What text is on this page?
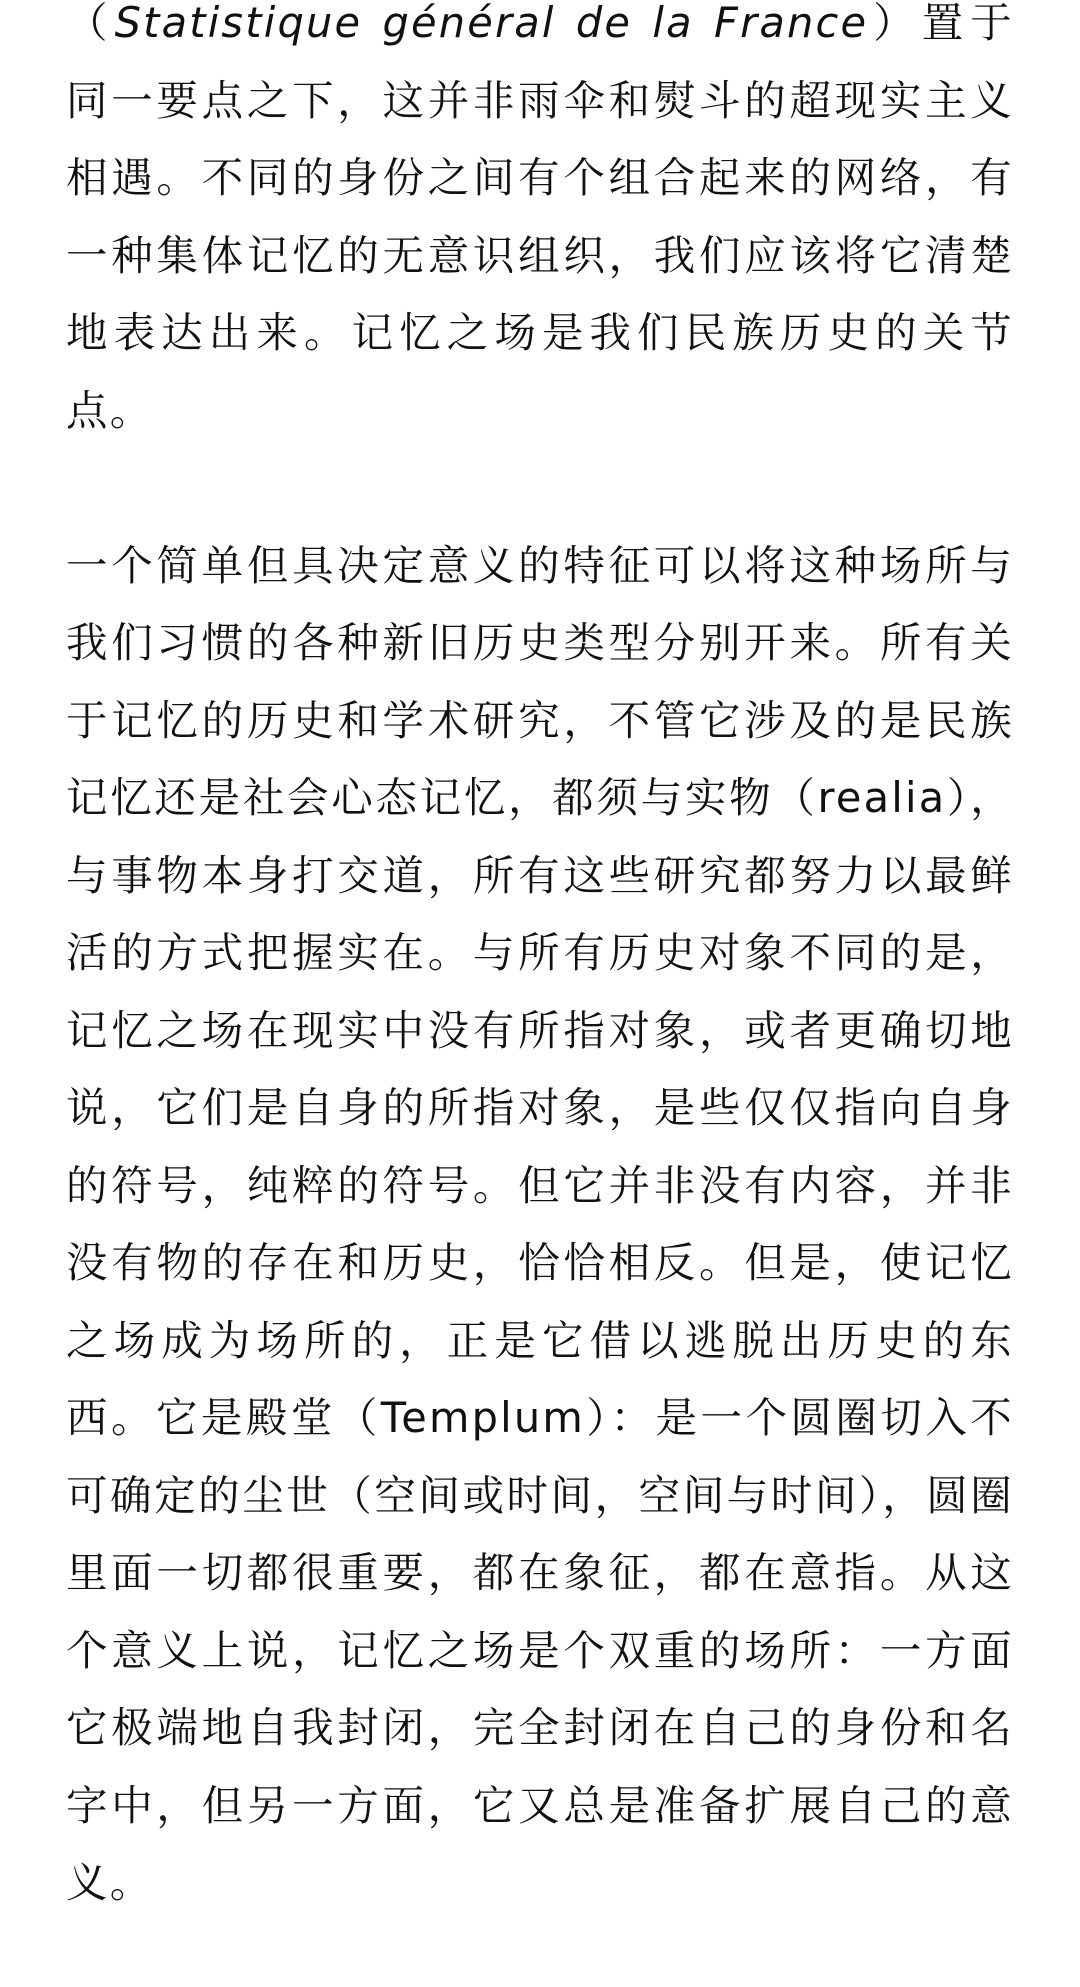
（Statistique général de la France）置于同一要点之下，这并非雨伞和熨斗的超现实主义相遇。不同的身份之间有个组合起来的网络，有一种集体记忆的无意识组织，我们应该将它清楚地表达出来。记忆之场是我们民族历史的关节点。

一个简单但具决定意义的特征可以将这种场所与我们习惯的各种新旧历史类型分别开来。所有关于记忆的历史和学术研究，不管它涉及的是民族记忆还是社会心态记忆，都须与实物（realia），与事物本身打交道，所有这些研究都努力以最鲜活的方式把握实在。与所有历史对象不同的是，记忆之场在现实中没有所指对象，或者更确切地说，它们是自身的所指对象，是些仅仅指向自身的符号，纯粹的符号。但它并非没有内容，并非没有物的存在和历史，恰恰相反。但是，使记忆之场成为场所的，正是它借以逃脱出历史的东西。它是殿堂（Templum）：是一个圆圈切入不可确定的尘世（空间或时间，空间与时间），圆圈里面一切都很重要，都在象征，都在意指。从这个意义上说，记忆之场是个双重的场所：一方面它极端地自我封闭，完全封闭在自己的身份和名字中，但另一方面，它又总是准备扩展自己的意义。
